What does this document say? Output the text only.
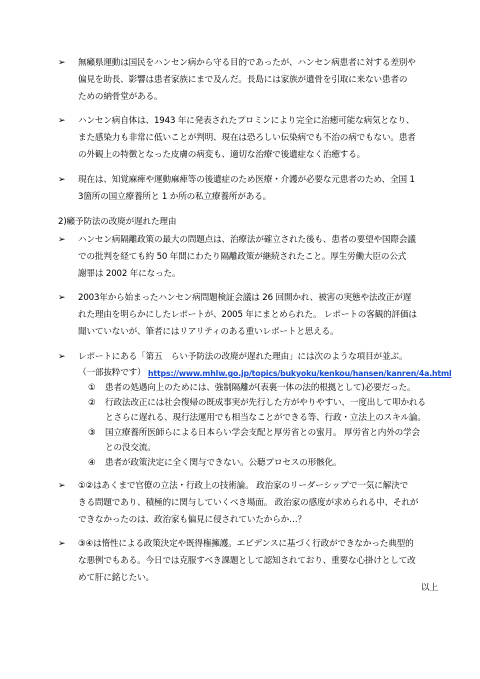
➢ 無癩県運動は国民をハンセン病から守る目的であったが、ハンセン病患者に対する差別や
偏見を助長、影響は患者家族にまで及んだ。長島には家族が遺骨を引取に来ない患者の
ための納骨堂がある。
➢ ハンセン病自体は、1943 年に発表されたプロミンにより完全に治癒可能な病気となり、
また感染力も非常に低いことが判明、現在は恐ろしい伝染病でも不治の病でもない。患者
の外観上の特徴となった皮膚の病変も、適切な治療で後遺症なく治癒する。
➢ 現在は、知覚麻痺や運動麻痺等の後遺症のため医療・介護が必要な元患者のため、全国 1
3箇所の国立療養所と 1 か所の私立療養所がある。
2)癩予防法の改廃が遅れた理由
➢ ハンセン病隔離政策の最大の問題点は、治療法が確立された後も、患者の要望や国際会議
での批判を経ても約 50 年間にわたり隔離政策が継続されたこと。厚生労働大臣の公式
謝罪は 2002 年になった。
➢ 2003年から始まったハンセン病問題検証会議は 26 回開かれ、被害の実態や法改正が遅
れた理由を明らかにしたレポートが、2005 年にまとめられた。 レポートの客観的評価は
聞いていないが、筆者にはリアリティのある重いレポートと思える。
➢ レポートにある「第五　らい予防法の改廃が遅れた理由」には次のような項目が並ぶ。
（一部抜粋です） https://www.mhlw.go.jp/topics/bukyoku/kenkou/hansen/kanren/4a.html
① 患者の処遇向上のためには、強制隔離が(表裏一体の法的根拠として)必要だった。
② 行政法改正には社会復帰の既成事実が先行した方がやりやすい、一度出して叩かれる
とさらに遅れる、現行法運用でも相当なことができる等、行政・立法上のスキル論。
③ 国立療養所医師らによる日本らい学会支配と厚労省との蜜月。 厚労省と内外の学会
との没交流。
④ 患者が政策決定に全く関与できない。公聴プロセスの形骸化。
➢ ①②はあくまで官僚の立法・行政上の技術論。 政治家のリーダーシップで一気に解決で
きる問題であり、積極的に関与していくべき場面。 政治家の感度が求められる中、それが
できなかったのは、政治家も偏見に侵されていたからか…？
➢ ③④は惰性による政策決定や既得権擁護。エビデンスに基づく行政ができなかった典型的
な悪例でもある。今日では克服すべき課題として認知されており、重要な心掛けとして改
めて肝に銘じたい。
以上
